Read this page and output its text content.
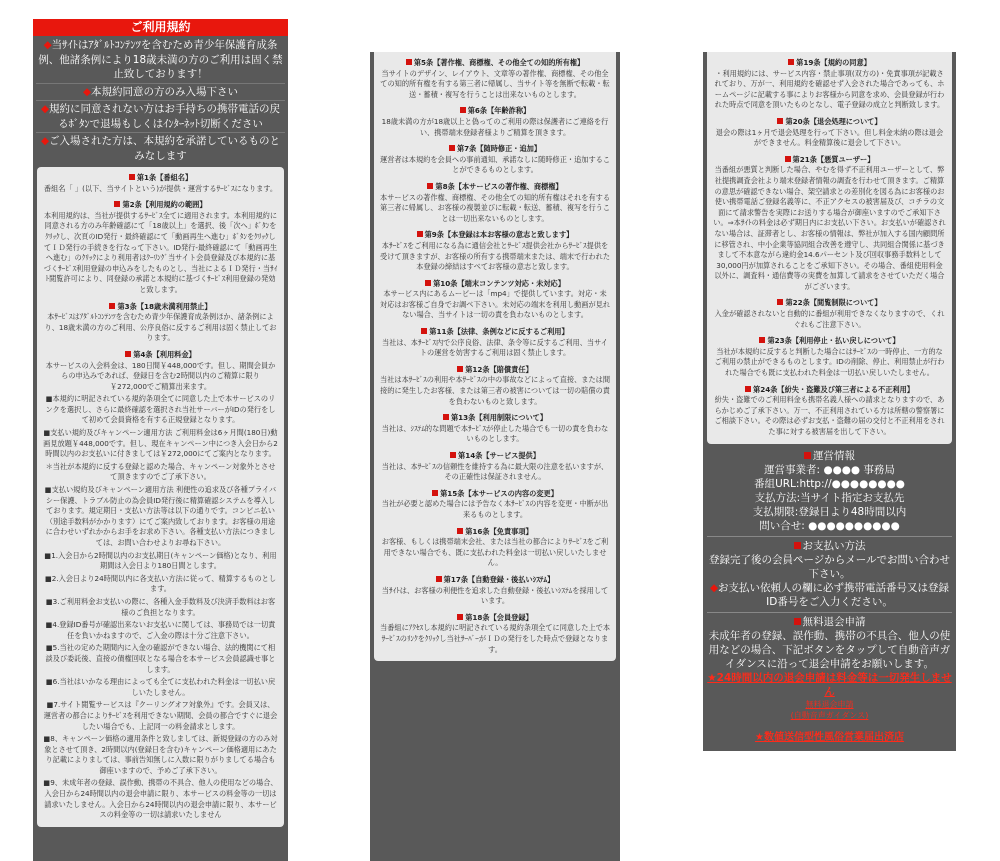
ご利用規約

◆当ｻｲﾄはｱﾀﾞﾙﾄｺﾝﾃﾝﾂを含むため青少年保護育成条例、他諸条例により18歳未満の方のご利用は固く禁止致しております！

◆本規約同意の方のみ入場下さい

◆規約に同意されない方はお手持ちの携帯電話の戻るﾎﾞﾀﾝで退場もしくはｲﾝﾀｰﾈｯﾄ切断ください

◆ご入場された方は、本規約を承諾しているものとみなします

第1条【番組名】

番組名「 」(以下、当サイトという)が提供・運営するｻｰﾋﾞｽになります。

第2条【利用規約の範囲】

本利用規約は、当社が提供するｻｰﾋﾞｽ全てに適用されます。本利用規約に同意される方のみ年齢確認にて「18歳以上」を選択、後「次へ」ﾎﾞﾀﾝをｸﾘｯｸし、次頁のID発行・最終確認にて「動画再生へ進む」ﾎﾞﾀﾝをｸﾘｯｸしてＩＤ発行の手続きを行なって下さい。ID発行-最終確認にて「動画再生へ進む」のｸﾘｯｸにより利用者はｸｰﾘﾝｸﾞ当サイト会員登録及び本規約に基づくｻｰﾋﾞｽ利用登録の申込みをしたものとし、当社によるＩＤ発行・当ｻｲﾄ閲覧許可により、同登録の承諾と本規約に基づくｻｰﾋﾞｽ利用登録の発効と致します。

第3条【18歳未満利用禁止】

本ｻｰﾋﾞｽはｱﾀﾞﾙﾄｺﾝﾃﾝﾂを含むため青少年保護育成条例ほか、諸条例により、18歳未満の方のご利用、公序良俗に反するご利用は固く禁止しております。

第4条【利用料金】

本サービスの入会料金は、180日間￥448,000です。但し、期間会員からの申込みであれば、登録日を含む2時間以内のご精算に限り￥272,000でご精算出来ます。

■本規約に明記されている規約条項全てに同意した上で本サービスのリンクを選択し、さらに最終確認を選択され当社サーバーがIDの発行をして初めて会員資格を有する正規登録となります。

■支払い規約及びキャンペーン適用方法 ご利用料金は6ヶ月間(180日)動画見放題￥448,000です。但し、現在キャンペーン中につき入会日から2時間以内のお支払いに付きましては￥272,000にてご案内となります。

＊当社が本規約に反する登録と認めた場合、キャンペーン対象外とさせて頂きますのでご了承下さい。

■支払い規約及びキャンペーン適用方法 利便性の追求及び各種プライバシー保護、トラブル防止の為会員ID発行後に精算確認システムを導入しております。規定期日・支払い方法等は以下の通りです。コンビニ払い（別途手数料がかかります）にてご案内致しております。お客様の用途に合わせいずれかからお手をお求め下さい。各種支払い方法につきましては、お問い合わせよりお尋ね下さい。

■1.入会日から2時間以内のお支払期日(キャンペーン価格)となり、利用期間は入会日より180日間とします。

■2.入会日より24時間以内に各支払い方法に従って、精算するものとします。

■3.ご利用料金お支払いの際に、各種入金手数料及び決済手数料はお客様のご負担となります。

■4.登録ID番号が確認出来ないお支払いに関しては、事務局では一切責任を負いかねますので、ご入金の際は十分ご注意下さい。

■5.当社の定めた期間内に入金の確認ができない場合、法的機関にて相談及び委託後、直接の債権回収となる場合を本サービス会員認識せ事とします。

■6.当社はいかなる理由によっても全てに支払われた料金は一切払い戻しいたしません。

■7.サイト閲覧サービスは『クーリングオフ対象外』です。会員又は、運営者の都合によりｻｰﾋﾞｽを利用できない期間、会員の都合ですぐに退会したい場合でも、上記同一の料金請求とします。

■8、キャンペーン価格の適用条件と致しましては、新規登録の方のみ対象とさせて頂き、2時間以内(登録日を含む)キャンペーン価格適用にあたり記載によりましては、事前告知無しに入数に限りがりましてる場合も御座いますので、予めご了承下さい。

■9、未成年者の登録、誤作動、携帯の不具合、他人の使用などの場合、入会日から24時間以内の退会申請に限り、本サービスの料金等の一切は請求いたしません。入会日から24時間以内の退会申請に限り、本サービスの料金等の一切は請求いたしません

第5条【著作権、商標権、その他全ての知的所有権】

当サイトのデザイン、レイアウト、文章等の著作権、商標権、その他全ての知的所有権を有する第三者に帰属し、当サイト等を無断で転載・転送・蓄積・複写を行うことは出来ないものとします。

第6条【年齢詐称】

18歳未満の方が18歳以上と偽ってのご利用の際は保護者にご連絡を行い、携帯端末登録者様よりご精算を頂きます。

第7条【随時修正・追加】

運営者は本規約を会員への事前通知、承諾なしに随時修正・追加することができるものとします。

第8条【本サービスの著作権、商標権】

本サービスの著作権、商標権、その他全ての知的所有権はそれを有する第三者に帰属し、お客様の複製並びに転載・転送、蓄積、複写を行うことは一切出来ないものとします。

第9条【本登録は本お客様の意志と致します】

本ｻｰﾋﾞｽをご利用になる為に通信会社とｻｰﾋﾞｽ提供会社からｻｰﾋﾞｽ提供を受けて頂きますが、お客様の所有する携帯端末または、端末で行われた本登録の締結はすべてお客様の意志と致します。

第10条【端末コンテンツ対応・未対応】

本サービス内にあるムービーは「mp4」で提供しています。対応・未対応はお客様ご自身でお調べ下さい。未対応の端末を利用し動画が見れない場合、当サイトは一切の責を負わないものとします。

第11条【法律、条例などに反するご利用】

当社は、本ｻｰﾋﾞｽ内で公序良俗、法律、条令等に反するご利用、当サイトの運営を妨害するご利用は固く禁止します。

第12条【賠償責任】

当社は本ｻｰﾋﾞｽの利用や本ｻｰﾋﾞｽの中の事故などによって直接、または間接的に発生したお客様、または第三者の被害については一切の賠償の責を負わないものと致します。

第13条【利用制限について】

当社は、ｼｽﾃﾑ的な問題で本ｻｰﾋﾞｽが停止した場合でも一切の責を負わないものとします。

第14条【サービス提供】

当社は、本ｻｰﾋﾞｽの信頼性を維持する為に最大限の注意を払いますが、その正確性は保証されません。

第15条【本サービスの内容の変更】

当社が必要と認めた場合には予告なく本ｻｰﾋﾞｽの内容を変更・中断が出来るものとします。

第16条【免責事項】

お客様、もしくは携帯端末会社、または当社の都合によりｻｰﾋﾞｽをご利用できない場合でも、既に支払われた料金は一切払い戻しいたしません。

第17条【自動登録・後払いｼｽﾃﾑ】

当ｻｲﾄは、お客様の利便性を追求した自動登録・後払いｼｽﾃﾑを採用しています。

第18条【会員登録】

当番組にｱｸｾｽし本規約に明記されている規約条項全てに同意した上で本ｻｰﾋﾞｽのﾘﾝｸをｸﾘｯｸし当社ｻｰﾊﾞｰがＩＤの発行をした時点で登録となります。

第19条【規約の同意】

・利用規約には、サービス内容・禁止事項(双方の)・免責事項が記載されており、万が一、利用規約を確認せず入会された場合であっても、ホームページに記載する事によりお客様から同意を求め、会員登録が行われた時点で同意を頂いたものとなし、電子登録の成立と判断致します。

第20条【退会処理について】

退会の際は1ヶ月で退会処理を行って下さい。但し料金未納の際は退会ができません。料金精算後に退会して下さい。

第21条【悪質ユーザー】

当番組が悪質と判断した場合、やむを得ず不正利用ユーザーとして、弊社提携調査会社より端末登録者情報の調査を行わせて頂きます。ご精算の意思が確認できない場合、架空請求との差別化を図る為にお客様のお使い携帯電話ご登録名義等に、不正アクセスの被害届及び、コチラの文面にて請求警告を実際にお送りする場合が御座いますのでご承知下さい。⇒本ｻｲﾄの料金は必ず期日内にお支払い下さい。お支払いが確認されない場合は、証滞者とし、お客様の情報は、弊社が加入する国内顧問所に移管され、中小企業等協同組合改善を遵守し、共同組合関係に基づきまして不本意ながら違約金14.6パーセント及び回収事務手数料として30,000円が加算されることをご承知下さい。その場合、番組使用料金以外に、調査料・通信費等の実費を加算して請求をさせていただく場合がございます。

第22条【閲覧制限について】

入金が確認されないと自動的に番組が利用できなくなりますので、くれぐれもご注意下さい。

第23条【利用停止・払い戻しについて】

当社が本規約に反すると判断した場合にはｻｰﾋﾞｽの一時停止、一方的なご利用の禁止ができるものとします。IDの削除、停止、利用禁止が行われた場合でも既に支払われた料金は一切払い戻しいたしません。

第24条【紛失・盗難及び第三者による不正利用】

紛失・盗難でのご利用料金も携帯名義人様への請求となりますので、あらかじめご了承下さい。万一、不正利用されている方は所轄の警察署にご相談下さい。その際は必ずお支払・盗難の届の交付と不正利用をされた事に対する被害届を出して下さい。

運営情報
運営事業者: ●●●● 事務局
番組URL:http://●●●●●●●●
支払方法:当サイト指定お支払先
支払期限:登録日より48時間以内
問い合せ: ●●●●●●●●●●
お支払い方法
登録完了後の会員ページからメールでお問い合わせ下さい。
◆お支払い依頼人の欄に必ず携帯電話番号又は登録ID番号をご入力ください。
無料退会申請
未成年者の登録、誤作動、携帯の不具合、他人の使用などの場合、下記ボタンをタップして自動音声ガイダンスに沿って退会申請をお願いします。
★24時間以内の退会申請は料金等は一切発生しません
無料退会申請
(自動音声ガイダンス)
★数値送信型性風俗営業届出済店
